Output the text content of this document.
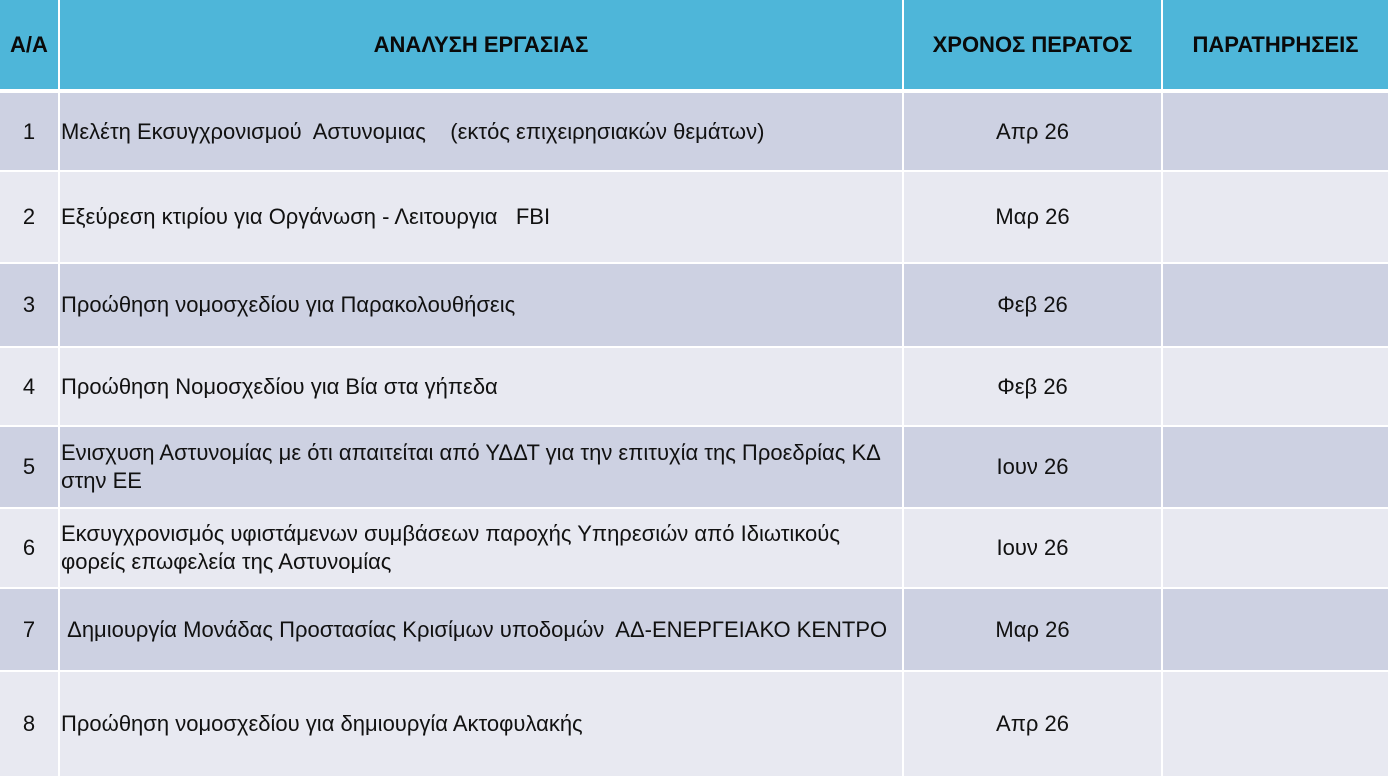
Α/Α	ΑΝΑΛΥΣΗ ΕΡΓΑΣΙΑΣ	ΧΡΟΝΟΣ ΠΕΡΑΤΟΣ	ΠΑΡΑΤΗΡΗΣΕΙΣ
1	Μελέτη Εκσυγχρονισμού  Αστυνομιας    (εκτός επιχειρησιακών θεμάτων)	Απρ 26	
2	Εξεύρεση κτιρίου για Οργάνωση - Λειτουργια   FBI	Μαρ 26	
3	Προώθηση νομοσχεδίου για Παρακολουθήσεις	Φεβ 26	
4	Προώθηση Νομοσχεδίου για Βία στα γήπεδα	Φεβ 26	
5	Ενισχυση Αστυνομίας με ότι απαιτείται από ΥΔΔΤ για την επιτυχία της Προεδρίας ΚΔ στην ΕΕ	Ιουν 26	
6	Εκσυγχρονισμός υφιστάμενων συμβάσεων παροχής Υπηρεσιών από Ιδιωτικούς φορείς επωφελεία της Αστυνομίας	Ιουν 26	
7	Δημιουργία Μονάδας Προστασίας Κρισίμων υποδομών  ΑΔ-ΕΝΕΡΓΕΙΑΚΟ ΚΕΝΤΡΟ	Μαρ 26	
8	Προώθηση νομοσχεδίου για δημιουργία Ακτοφυλακής	Απρ 26	
